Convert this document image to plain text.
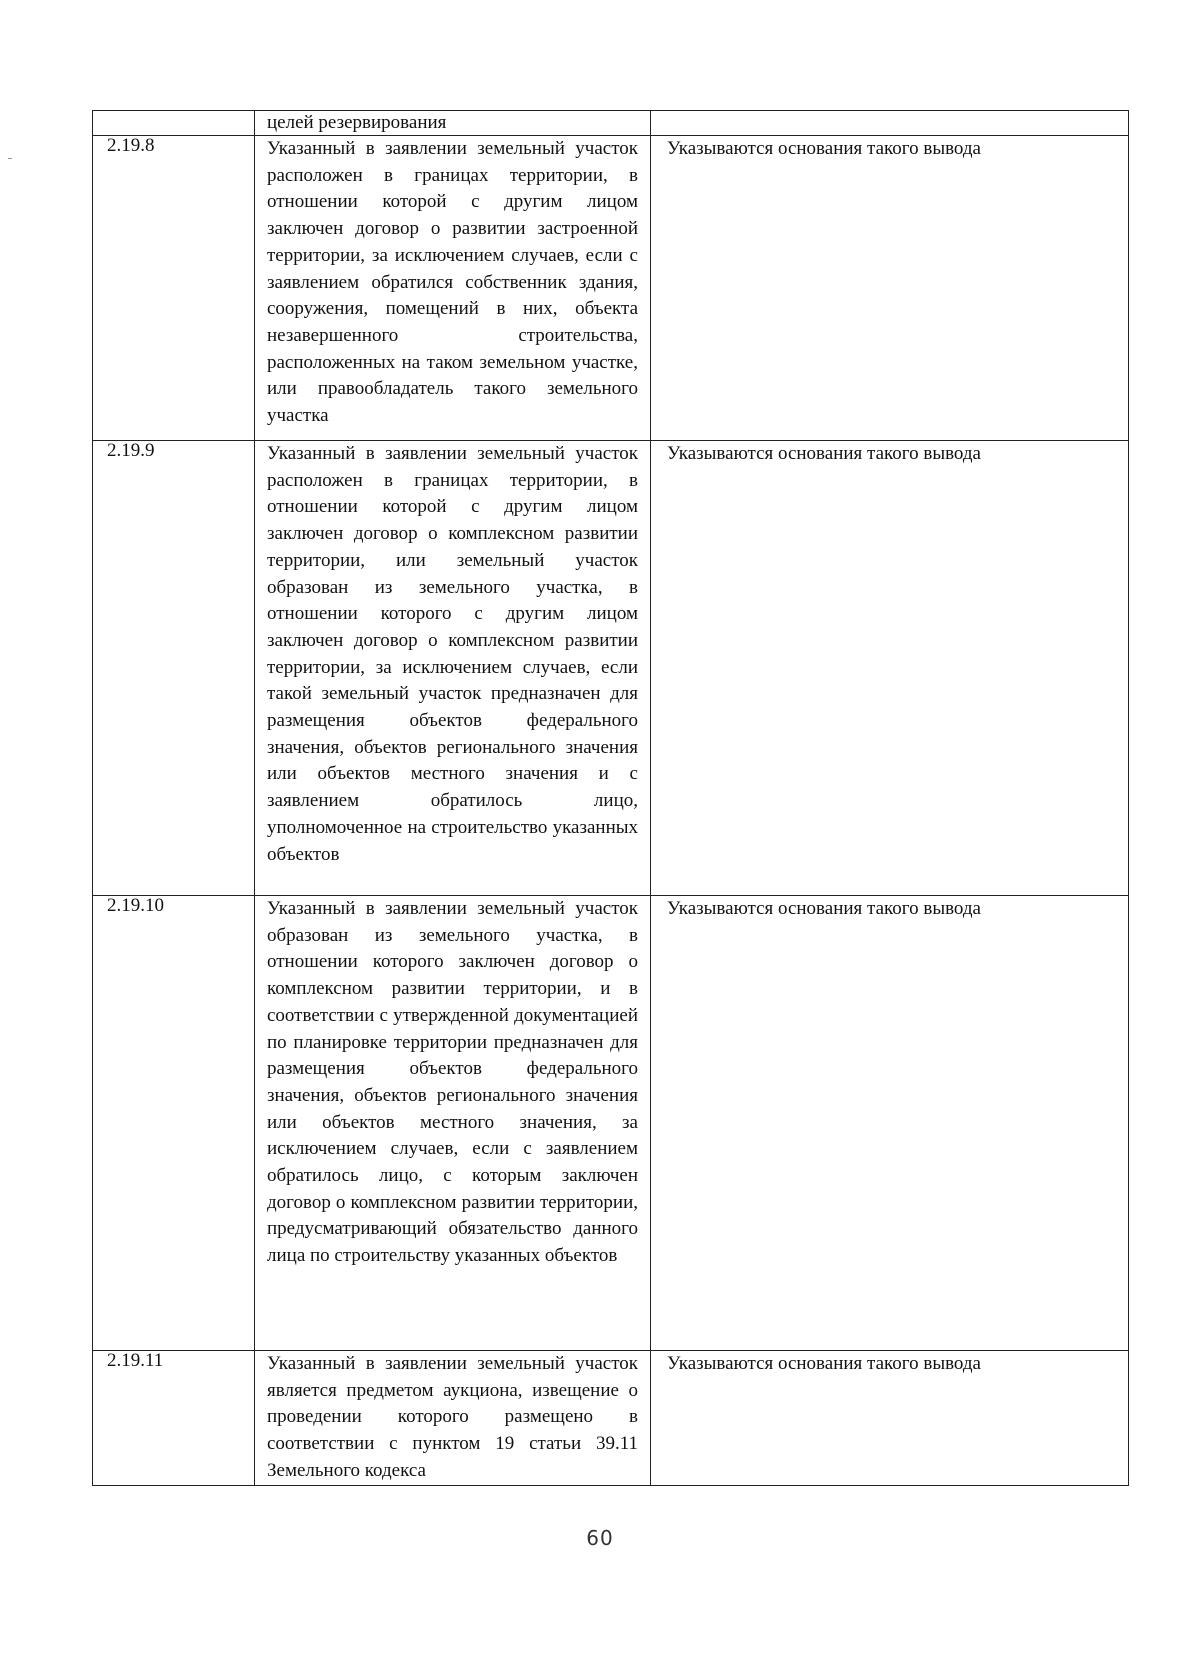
	целей резервирования	

2.19.8	Указанный в заявлении земельный участок расположен в границах территории, в отношении которой с другим лицом заключен договор о развитии застроенной территории, за исключением случаев, если с заявлением обратился собственник здания, сооружения, помещений в них, объекта незавершенного строительства, расположенных на таком земельном участке, или правообладатель такого земельного участка	Указываются основания такого вывода
2.19.9	Указанный в заявлении земельный участок расположен в границах территории, в отношении которой с другим лицом заключен договор о комплексном развитии территории, или земельный участок образован из земельного участка, в отношении которого с другим лицом заключен договор о комплексном развитии территории, за исключением случаев, если такой земельный участок предназначен для размещения объектов федерального значения, объектов регионального значения или объектов местного значения и с заявлением обратилось лицо, уполномоченное на строительство указанных объектов	Указываются основания такого вывода
2.19.10	Указанный в заявлении земельный участок образован из земельного участка, в отношении которого заключен договор о комплексном развитии территории, и в соответствии с утвержденной документацией по планировке территории предназначен для размещения объектов федерального значения, объектов регионального значения или объектов местного значения, за исключением случаев, если с заявлением обратилось лицо, с которым заключен договор о комплексном развитии территории, предусматривающий обязательство данного лица по строительству указанных объектов	Указываются основания такого вывода
2.19.11	Указанный в заявлении земельный участок является предметом аукциона, извещение о проведении которого размещено в соответствии с пунктом 19 статьи 39.11 Земельного кодекса	Указываются основания такого вывода
60
